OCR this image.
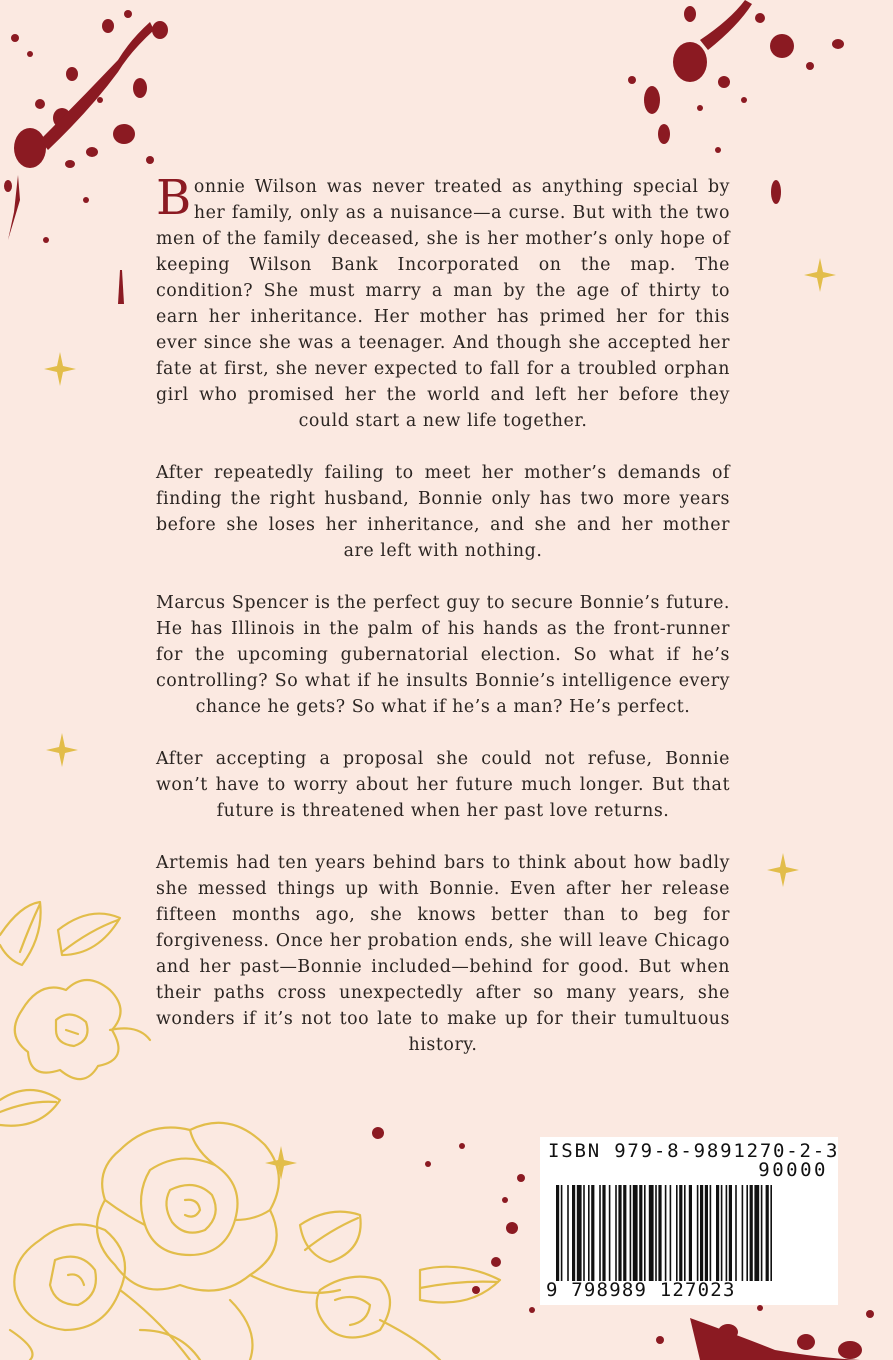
Bonnie Wilson was never treated as anything special by her family, only as a nuisance—a curse. But with the two men of the family deceased, she is her mother’s only hope of keeping Wilson Bank Incorporated on the map. The condition? She must marry a man by the age of thirty to earn her inheritance. Her mother has primed her for this ever since she was a teenager. And though she accepted her fate at first, she never expected to fall for a troubled orphan girl who promised her the world and left her before they could start a new life together.

After repeatedly failing to meet her mother’s demands of finding the right husband, Bonnie only has two more years before she loses her inheritance, and she and her mother are left with nothing.

Marcus Spencer is the perfect guy to secure Bonnie’s future. He has Illinois in the palm of his hands as the front-runner for the upcoming gubernatorial election. So what if he’s controlling? So what if he insults Bonnie’s intelligence every chance he gets? So what if he’s a man? He’s perfect.

After accepting a proposal she could not refuse, Bonnie won’t have to worry about her future much longer. But that future is threatened when her past love returns.

Artemis had ten years behind bars to think about how badly she messed things up with Bonnie. Even after her release fifteen months ago, she knows better than to beg for forgiveness. Once her probation ends, she will leave Chicago and her past—Bonnie included—behind for good. But when their paths cross unexpectedly after so many years, she wonders if it’s not too late to make up for their tumultuous history.

ISBN 979-8-9891270-2-3
90000
9 798989 127023
